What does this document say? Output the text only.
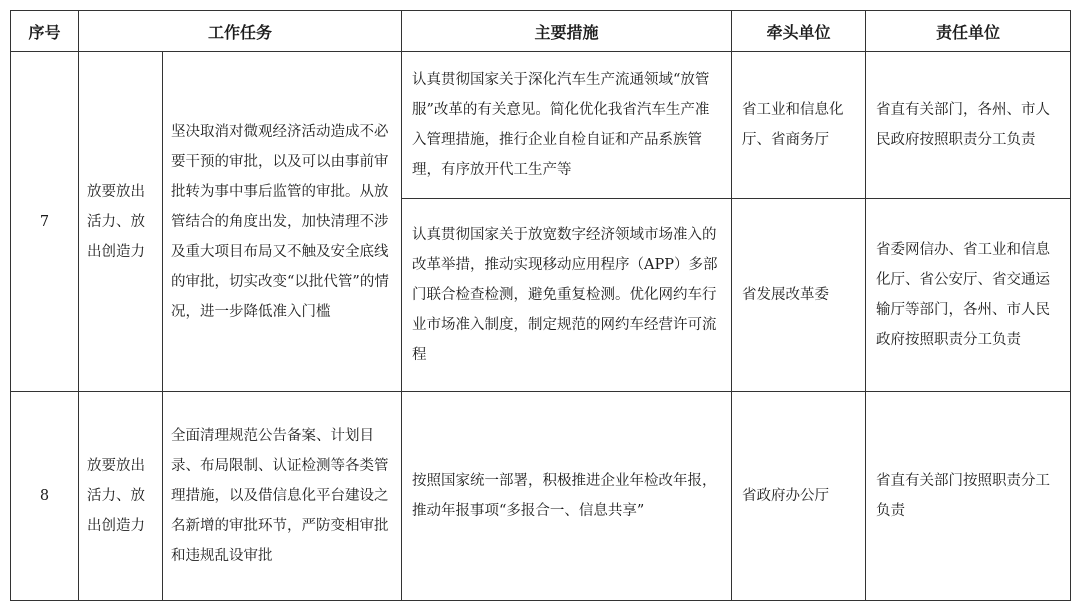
序号	工作任务		主要措施	牵头单位	责任单位
7	放要放出活力、放出创造力	坚决取消对微观经济活动造成不必要干预的审批，以及可以由事前审批转为事中事后监管的审批。从放管结合的角度出发，加快清理不涉及重大项目布局又不触及安全底线的审批，切实改变“以批代管”的情况，进一步降低准入门槛	认真贯彻国家关于深化汽车生产流通领域“放管服”改革的有关意见。简化优化我省汽车生产准入管理措施，推行企业自检自证和产品系族管理，有序放开代工生产等	省工业和信息化厅、省商务厅	省直有关部门，各州、市人民政府按照职责分工负责
			认真贯彻国家关于放宽数字经济领域市场准入的改革举措，推动实现移动应用程序（APP）多部门联合检查检测，避免重复检测。优化网约车行业市场准入制度，制定规范的网约车经营许可流程	省发展改革委	省委网信办、省工业和信息化厅、省公安厅、省交通运输厅等部门，各州、市人民政府按照职责分工负责
8	放要放出活力、放出创造力	全面清理规范公告备案、计划目录、布局限制、认证检测等各类管理措施，以及借信息化平台建设之名新增的审批环节，严防变相审批和违规乱设审批	按照国家统一部署，积极推进企业年检改年报，推动年报事项“多报合一、信息共享”	省政府办公厅	省直有关部门按照职责分工负责
